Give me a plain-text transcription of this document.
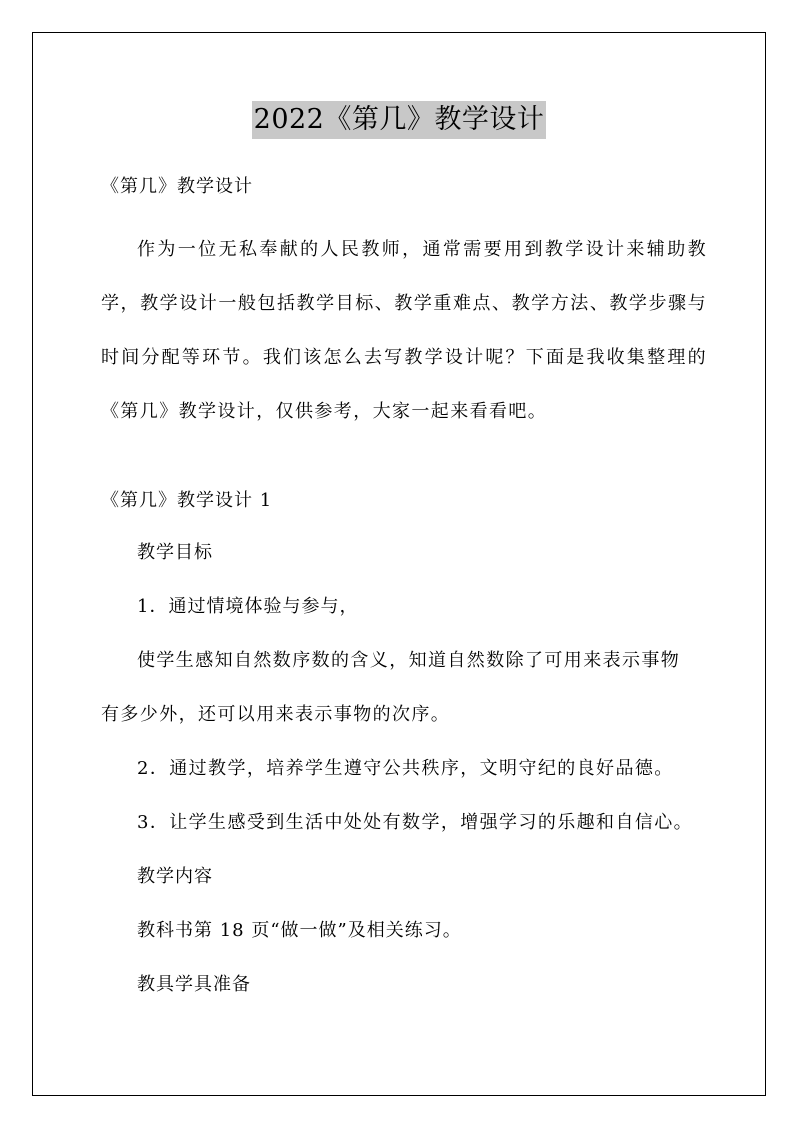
2022《第几》教学设计
《第几》教学设计

作为一位无私奉献的人民教师，通常需要用到教学设计来辅助教学，教学设计一般包括教学目标、教学重难点、教学方法、教学步骤与时间分配等环节。我们该怎么去写教学设计呢？下面是我收集整理的《第几》教学设计，仅供参考，大家一起来看看吧。

《第几》教学设计 1
教学目标
1．通过情境体验与参与，
使学生感知自然数序数的含义，知道自然数除了可用来表示事物
有多少外，还可以用来表示事物的次序。
2．通过教学，培养学生遵守公共秩序，文明守纪的良好品德。
3．让学生感受到生活中处处有数学，增强学习的乐趣和自信心。
教学内容
教科书第 18 页“做一做”及相关练习。
教具学具准备
